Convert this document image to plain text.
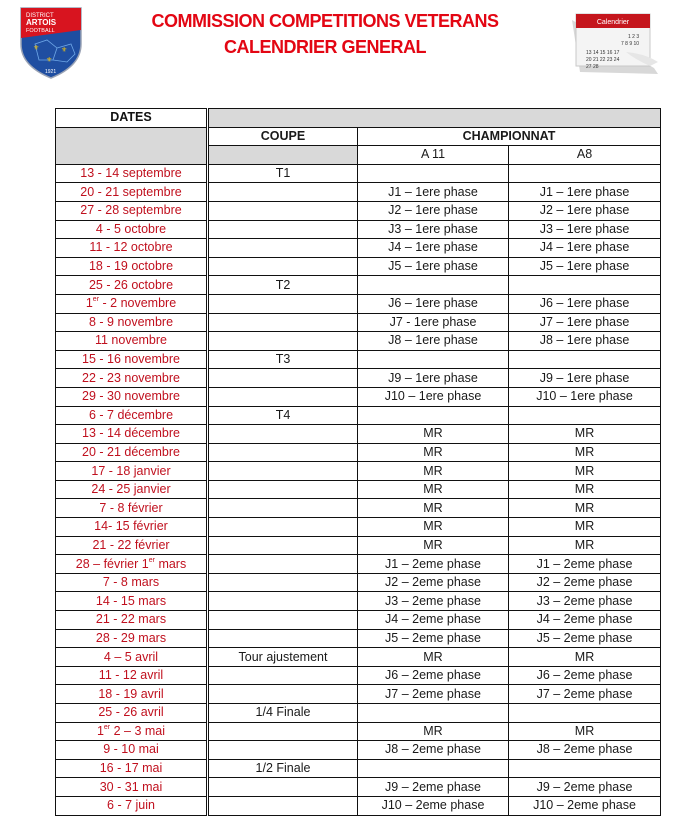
DISTRICT
ARTOIS
FOOTBALL
⚜	⚜
⚜
1921
COMMISSION COMPETITIONS VETERANS
CALENDRIER GENERAL
Calendrier
1 2 3
7 8 9 10
13 14 15 16 17
20 21 22 23 24
27 28
DATES			
	COUPE	CHAMPIONNAT	
		A 11	A8
13 - 14 septembre	T1		
20 - 21 septembre		J1 – 1ere phase	J1 – 1ere phase
27 - 28 septembre		J2 – 1ere phase	J2 – 1ere phase
4 - 5 octobre		J3 – 1ere phase	J3 – 1ere phase
11 - 12 octobre		J4 – 1ere phase	J4 – 1ere phase
18 - 19 octobre		J5 – 1ere phase	J5 – 1ere phase
25 - 26 octobre	T2		
1er - 2 novembre		J6 – 1ere phase	J6 – 1ere phase
8 - 9 novembre		J7 - 1ere phase	J7 – 1ere phase
11 novembre		J8 – 1ere phase	J8 – 1ere phase
15 - 16 novembre	T3		
22 - 23 novembre		J9 – 1ere phase	J9 – 1ere phase
29 - 30 novembre		J10 – 1ere phase	J10 – 1ere phase
6 - 7 décembre	T4		
13 - 14 décembre		MR	MR
20 - 21 décembre		MR	MR
17 - 18 janvier		MR	MR
24 - 25 janvier		MR	MR
7 - 8 février		MR	MR
14- 15 février		MR	MR
21 - 22 février		MR	MR
28 – février 1er mars		J1 – 2eme phase	J1 – 2eme phase
7 - 8 mars		J2 – 2eme phase	J2 – 2eme phase
14 - 15 mars		J3 – 2eme phase	J3 – 2eme phase
21 - 22 mars		J4 – 2eme phase	J4 – 2eme phase
28 - 29 mars		J5 – 2eme phase	J5 – 2eme phase
4 – 5 avril	Tour ajustement	MR	MR
11 - 12 avril		J6 – 2eme phase	J6 – 2eme phase
18 - 19 avril		J7 – 2eme phase	J7 – 2eme phase
25 - 26 avril	1/4 Finale		
1er 2 – 3 mai		MR	MR
9 - 10 mai		J8 – 2eme phase	J8 – 2eme phase
16 - 17 mai	1/2 Finale		
30 - 31 mai		J9 – 2eme phase	J9 – 2eme phase
6 - 7 juin		J10 – 2eme phase	J10 – 2eme phase
